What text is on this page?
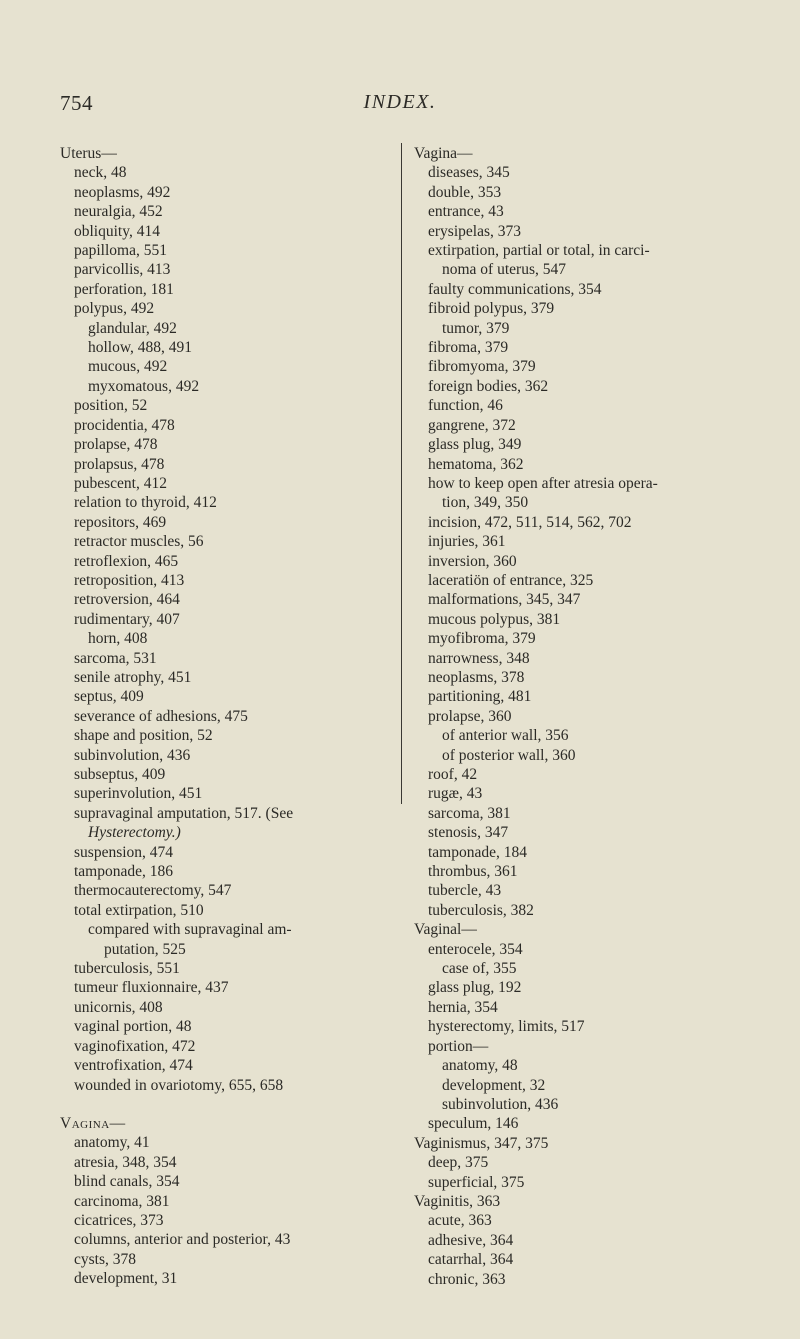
754	INDEX.
Uterus—
neck, 48
neoplasms, 492
neuralgia, 452
obliquity, 414
papilloma, 551
parvicollis, 413
perforation, 181
polypus, 492
glandular, 492
hollow, 488, 491
mucous, 492
myxomatous, 492
position, 52
procidentia, 478
prolapse, 478
prolapsus, 478
pubescent, 412
relation to thyroid, 412
repositors, 469
retractor muscles, 56
retroflexion, 465
retroposition, 413
retroversion, 464
rudimentary, 407
horn, 408
sarcoma, 531
senile atrophy, 451
septus, 409
severance of adhesions, 475
shape and position, 52
subinvolution, 436
subseptus, 409
superinvolution, 451
supravaginal amputation, 517. (See
Hysterectomy.)
suspension, 474
tamponade, 186
thermocauterectomy, 547
total extirpation, 510
compared with supravaginal am-
putation, 525
tuberculosis, 551
tumeur fluxionnaire, 437
unicornis, 408
vaginal portion, 48
vaginofixation, 472
ventrofixation, 474
wounded in ovariotomy, 655, 658
Vagina—
anatomy, 41
atresia, 348, 354
blind canals, 354
carcinoma, 381
cicatrices, 373
columns, anterior and posterior, 43
cysts, 378
development, 31
Vagina—
diseases, 345
double, 353
entrance, 43
erysipelas, 373
extirpation, partial or total, in carci-
noma of uterus, 547
faulty communications, 354
fibroid polypus, 379
tumor, 379
fibroma, 379
fibromyoma, 379
foreign bodies, 362
function, 46
gangrene, 372
glass plug, 349
hematoma, 362
how to keep open after atresia opera-
tion, 349, 350
incision, 472, 511, 514, 562, 702
injuries, 361
inversion, 360
laceratiön of entrance, 325
malformations, 345, 347
mucous polypus, 381
myofibroma, 379
narrowness, 348
neoplasms, 378
partitioning, 481
prolapse, 360
of anterior wall, 356
of posterior wall, 360
roof, 42
rugæ, 43
sarcoma, 381
stenosis, 347
tamponade, 184
thrombus, 361
tubercle, 43
tuberculosis, 382
Vaginal—
enterocele, 354
case of, 355
glass plug, 192
hernia, 354
hysterectomy, limits, 517
portion—
anatomy, 48
development, 32
subinvolution, 436
speculum, 146
Vaginismus, 347, 375
deep, 375
superficial, 375
Vaginitis, 363
acute, 363
adhesive, 364
catarrhal, 364
chronic, 363
